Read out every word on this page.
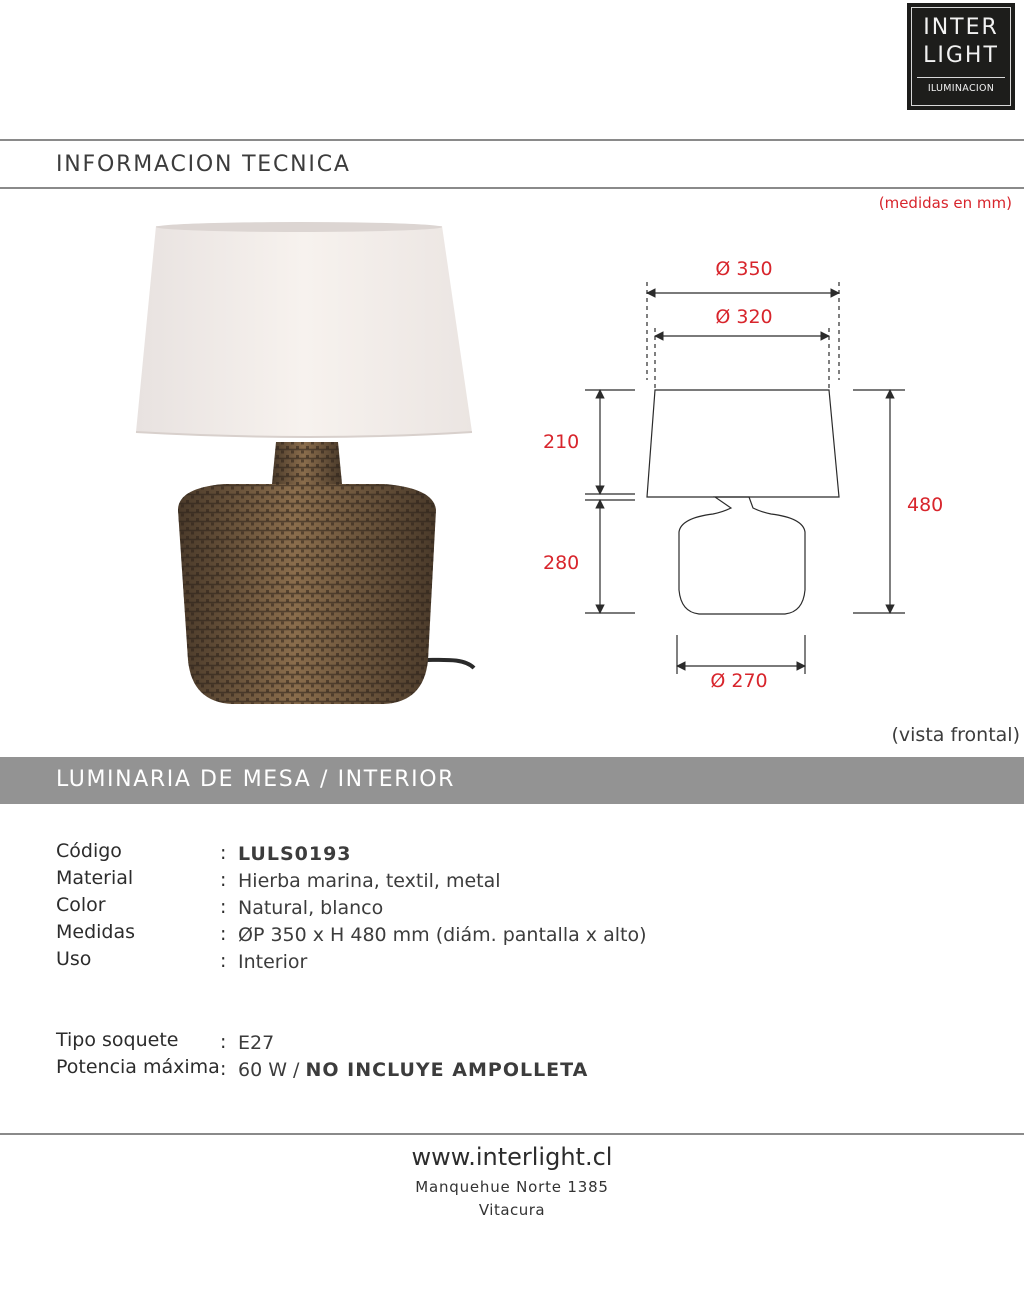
INTER
LIGHT
ILUMINACION
INFORMACION TECNICA
(medidas en mm)
Ø 350
Ø 320
210
280
480
Ø 270
(vista frontal)
LUMINARIA DE MESA / INTERIOR
Código	: LULS0193
Material	: Hierba marina, textil, metal
Color	: Natural, blanco
Medidas	: ØP 350 x H 480 mm (diám. pantalla x alto)
Uso	: Interior
Tipo soquete : E27
Potencia máxima : 60 W / NO INCLUYE AMPOLLETA
www.interlight.cl
Manquehue Norte 1385
Vitacura
